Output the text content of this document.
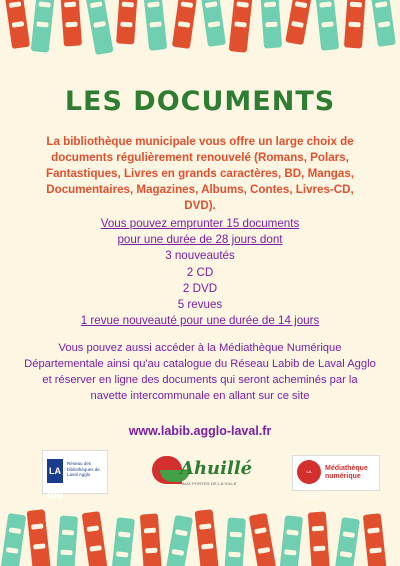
LES DOCUMENTS
La bibliothèque municipale vous offre un large choix de documents régulièrement renouvelé (Romans, Polars, Fantastiques, Livres en grands caractères, BD, Mangas, Documentaires, Magazines, Albums, Contes, Livres-CD, DVD).
Vous pouvez emprunter 15 documents
pour une durée de 28 jours dont
3 nouveautés
2 CD
2 DVD
5 revues
1 revue nouveauté pour une durée de 14 jours
Vous pouvez aussi accéder à la Médiathèque Numérique Départementale ainsi qu'au catalogue du Réseau Labib de Laval Agglo et réserver en ligne des documents qui seront acheminés par la navette intercommunale en allant sur ce site
www.labib.agglo-laval.fr
LA BIB
Réseau des bibliothèques de Laval Agglo	Ahuillé
AUX PORTES DE LA VILLE
LA MAYENNE
Médiathèque numérique
